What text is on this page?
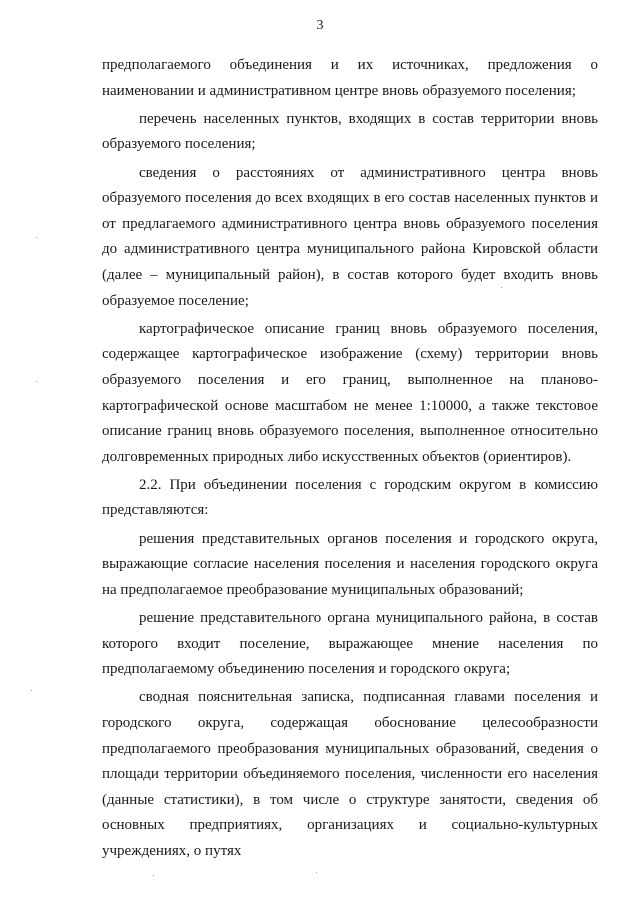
3

предполагаемого объединения и их источниках, предложения о наименовании и административном центре вновь образуемого поселения;

перечень населенных пунктов, входящих в состав территории вновь образуемого поселения;

сведения о расстояниях от административного центра вновь образуемого поселения до всех входящих в его состав населенных пунктов и от предлагаемого административного центра вновь образуемого поселения до административного центра муниципального района Кировской области (далее – муниципальный район), в состав которого будет входить вновь образуемое поселение;

картографическое описание границ вновь образуемого поселения, содержащее картографическое изображение (схему) территории вновь образуемого поселения и его границ, выполненное на планово-картографической основе масштабом не менее 1:10000, а также текстовое описание границ вновь образуемого поселения, выполненное относительно долговременных природных либо искусственных объектов (ориентиров).

2.2. При объединении поселения с городским округом в комиссию представляются:

решения представительных органов поселения и городского округа, выражающие согласие населения поселения и населения городского округа на предполагаемое преобразование муниципальных образований;

решение представительного органа муниципального района, в состав которого входит поселение, выражающее мнение населения по предполагаемому объединению поселения и городского округа;

сводная пояснительная записка, подписанная главами поселения и городского округа, содержащая обоснование целесообразности предполагаемого преобразования муниципальных образований, сведения о площади территории объединяемого поселения, численности его населения (данные статистики), в том числе о структуре занятости, сведения об основных предприятиях, организациях и социально-культурных учреждениях, о путях
